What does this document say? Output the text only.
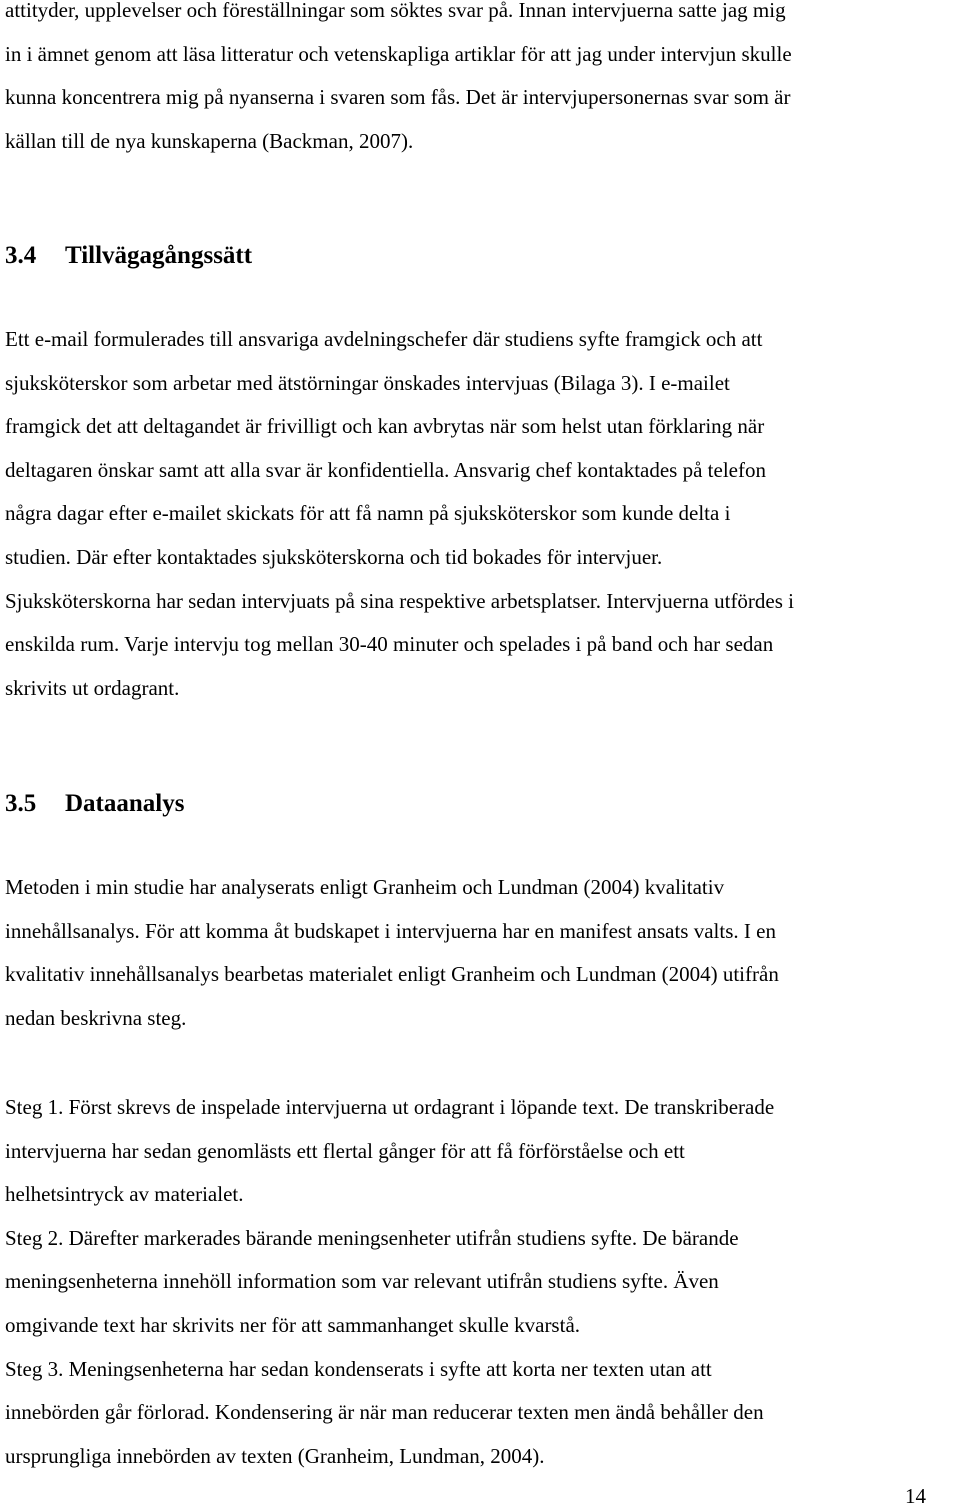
attityder, upplevelser och föreställningar som söktes svar på. Innan intervjuerna satte jag mig
in i ämnet genom att läsa litteratur och vetenskapliga artiklar för att jag under intervjun skulle
kunna koncentrera mig på nyanserna i svaren som fås. Det är intervjupersonernas svar som är
källan till de nya kunskaperna (Backman, 2007).
3.4 Tillvägagångssätt
Ett e-mail formulerades till ansvariga avdelningschefer där studiens syfte framgick och att
sjuksköterskor som arbetar med ätstörningar önskades intervjuas (Bilaga 3). I e-mailet
framgick det att deltagandet är frivilligt och kan avbrytas när som helst utan förklaring när
deltagaren önskar samt att alla svar är konfidentiella. Ansvarig chef kontaktades på telefon
några dagar efter e-mailet skickats för att få namn på sjuksköterskor som kunde delta i
studien. Där efter kontaktades sjuksköterskorna och tid bokades för intervjuer.
Sjuksköterskorna har sedan intervjuats på sina respektive arbetsplatser. Intervjuerna utfördes i
enskilda rum. Varje intervju tog mellan 30-40 minuter och spelades i på band och har sedan
skrivits ut ordagrant.
3.5 Dataanalys
Metoden i min studie har analyserats enligt Granheim och Lundman (2004) kvalitativ
innehållsanalys. För att komma åt budskapet i intervjuerna har en manifest ansats valts. I en
kvalitativ innehållsanalys bearbetas materialet enligt Granheim och Lundman (2004) utifrån
nedan beskrivna steg.
Steg 1. Först skrevs de inspelade intervjuerna ut ordagrant i löpande text. De transkriberade
intervjuerna har sedan genomlästs ett flertal gånger för att få förförståelse och ett
helhetsintryck av materialet.
Steg 2. Därefter markerades bärande meningsenheter utifrån studiens syfte. De bärande
meningsenheterna innehöll information som var relevant utifrån studiens syfte. Även
omgivande text har skrivits ner för att sammanhanget skulle kvarstå.
Steg 3. Meningsenheterna har sedan kondenserats i syfte att korta ner texten utan att
innebörden går förlorad. Kondensering är när man reducerar texten men ändå behåller den
ursprungliga innebörden av texten (Granheim, Lundman, 2004).
14
